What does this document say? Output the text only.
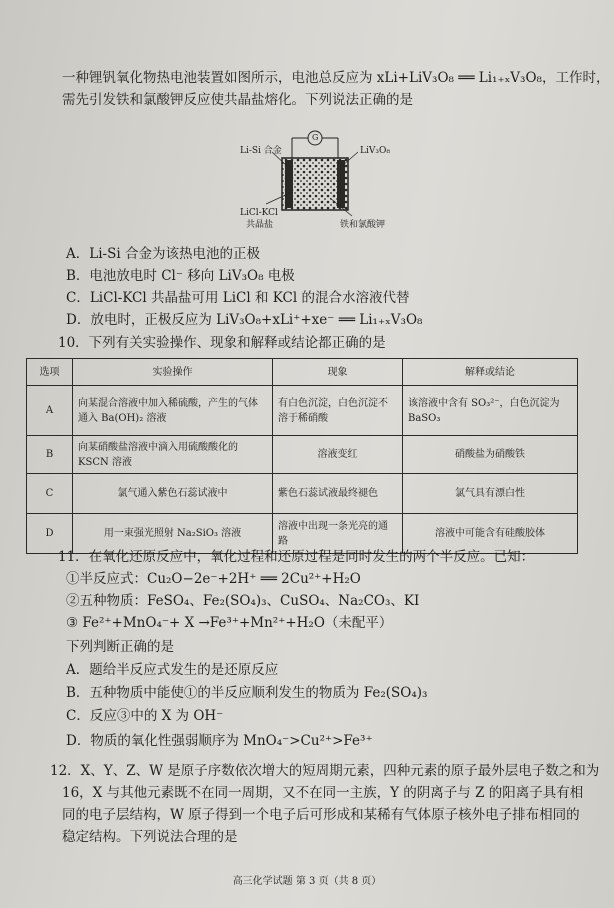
一种锂钒氧化物热电池装置如图所示，电池总反应为 xLi+LiV₃O₈ ══ Li₁₊ₓV₃O₈，工作时，
需先引发铁和氯酸钾反应使共晶盐熔化。下列说法正确的是
Li-Si 合金	LiV₃O₈
LiCl-KCl
共晶盐	铁和氯酸钾
G
A．Li-Si 合金为该热电池的正极
B．电池放电时 Cl⁻ 移向 LiV₃O₈ 电极
C．LiCl-KCl 共晶盐可用 LiCl 和 KCl 的混合水溶液代替
D．放电时，正极反应为 LiV₃O₈+xLi⁺+xe⁻ ══ Li₁₊ₓV₃O₈
10．下列有关实验操作、现象和解释或结论都正确的是
选项	实验操作	现象	解释或结论
A	向某混合溶液中加入稀硫酸，产生的气体通入 Ba(OH)₂ 溶液	有白色沉淀，白色沉淀不溶于稀硝酸	该溶液中含有 SO₃²⁻，白色沉淀为 BaSO₃
B	向某硝酸盐溶液中滴入用硫酸酸化的 KSCN 溶液	溶液变红	硝酸盐为硝酸铁
C	氯气通入紫色石蕊试液中	紫色石蕊试液最终褪色	氯气具有漂白性
D	用一束强光照射 Na₂SiO₃ 溶液	溶液中出现一条光亮的通路	溶液中可能含有硅酸胶体
11．在氧化还原反应中，氧化过程和还原过程是同时发生的两个半反应。已知：
①半反应式：Cu₂O−2e⁻+2H⁺ ══ 2Cu²⁺+H₂O
②五种物质：FeSO₄、Fe₂(SO₄)₃、CuSO₄、Na₂CO₃、KI
③ Fe²⁺+MnO₄⁻+ X →Fe³⁺+Mn²⁺+H₂O（未配平）
下列判断正确的是
A．题给半反应式发生的是还原反应
B．五种物质中能使①的半反应顺利发生的物质为 Fe₂(SO₄)₃
C．反应③中的 X 为 OH⁻
D．物质的氧化性强弱顺序为 MnO₄⁻>Cu²⁺>Fe³⁺
12．X、Y、Z、W 是原子序数依次增大的短周期元素，四种元素的原子最外层电子数之和为
16，X 与其他元素既不在同一周期，又不在同一主族，Y 的阴离子与 Z 的阳离子具有相
同的电子层结构，W 原子得到一个电子后可形成和某稀有气体原子核外电子排布相同的
稳定结构。下列说法合理的是
高三化学试题 第 3 页（共 8 页）
